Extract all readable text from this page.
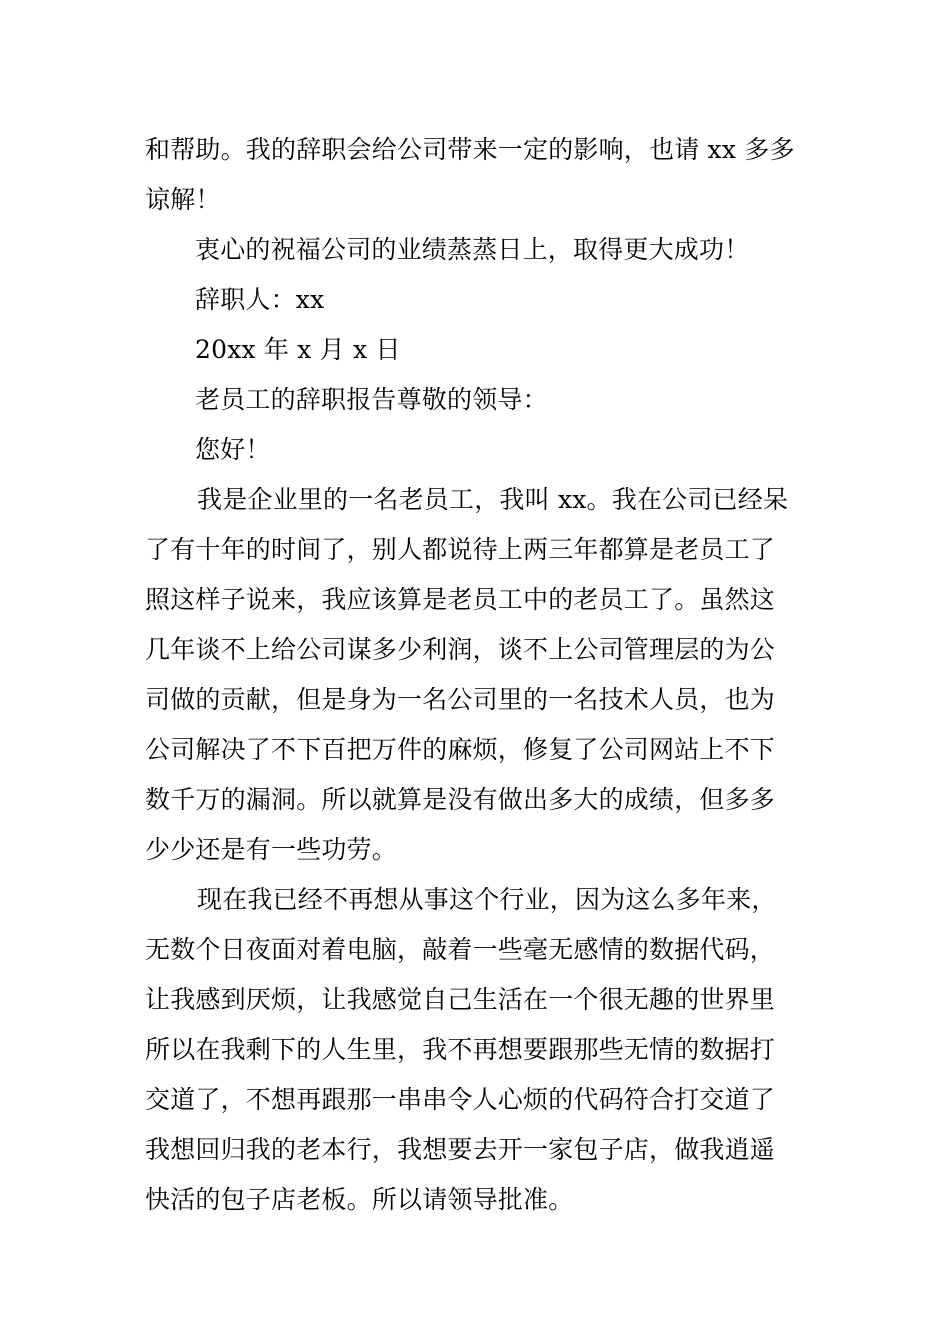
和帮助。我的辞职会给公司带来一定的影响，也请 xx 多多
谅解！
衷心的祝福公司的业绩蒸蒸日上，取得更大成功！
辞职人：xx
20xx 年 x 月 x 日
老员工的辞职报告尊敬的领导：
您好！
我是企业里的一名老员工，我叫 xx。我在公司已经呆
了有十年的时间了，别人都说待上两三年都算是老员工了
照这样子说来，我应该算是老员工中的老员工了。虽然这
几年谈不上给公司谋多少利润，谈不上公司管理层的为公
司做的贡献，但是身为一名公司里的一名技术人员，也为
公司解决了不下百把万件的麻烦，修复了公司网站上不下
数千万的漏洞。所以就算是没有做出多大的成绩，但多多
少少还是有一些功劳。
现在我已经不再想从事这个行业，因为这么多年来，
无数个日夜面对着电脑，敲着一些毫无感情的数据代码，
让我感到厌烦，让我感觉自己生活在一个很无趣的世界里
所以在我剩下的人生里，我不再想要跟那些无情的数据打
交道了，不想再跟那一串串令人心烦的代码符合打交道了
我想回归我的老本行，我想要去开一家包子店，做我逍遥
快活的包子店老板。所以请领导批准。
